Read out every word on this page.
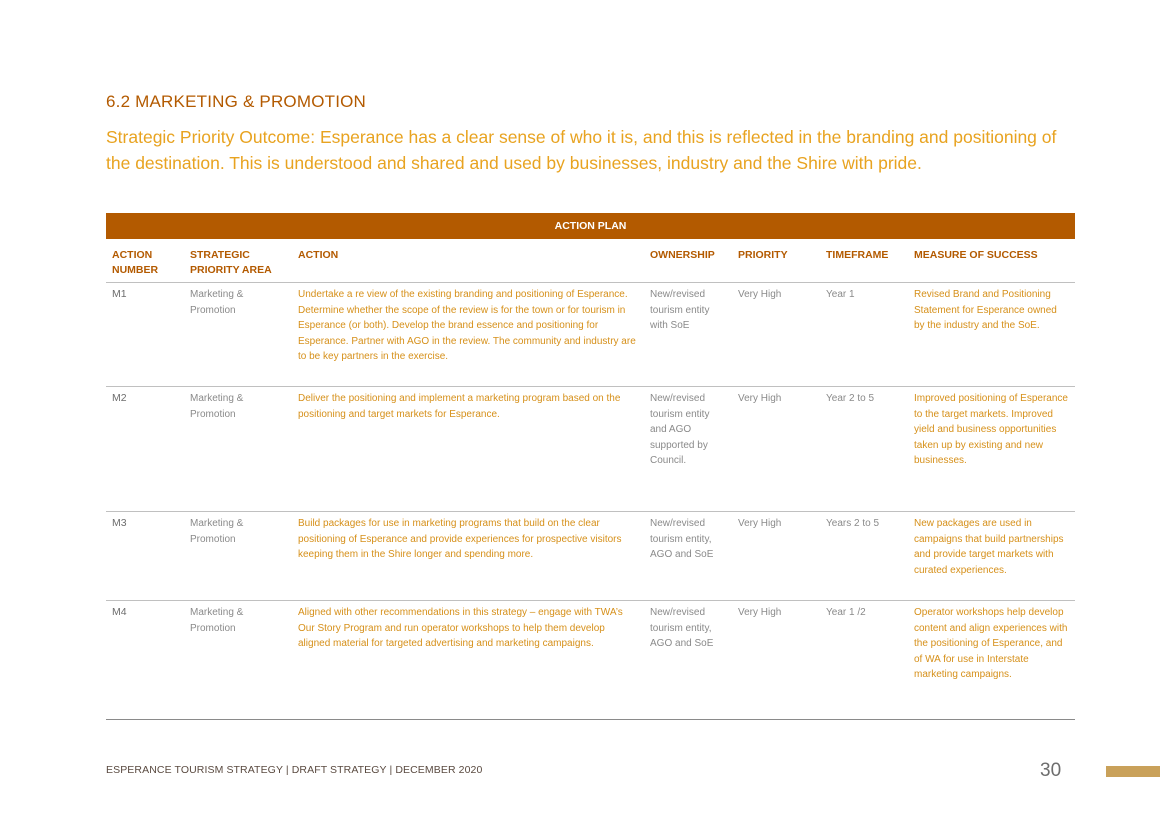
6.2 MARKETING & PROMOTION

Strategic Priority Outcome: Esperance has a clear sense of who it is, and this is reflected in the branding and positioning of the destination. This is understood and shared and used by businesses, industry and the Shire with pride.

ACTION PLAN						
ACTION NUMBER	STRATEGIC PRIORITY AREA	ACTION	OWNERSHIP	PRIORITY	TIMEFRAME	MEASURE OF SUCCESS
M1	Marketing & Promotion	Undertake a re view of the existing branding and positioning of Esperance. Determine whether the scope of the review is for the town or for tourism in Esperance (or both). Develop the brand essence and positioning for Esperance. Partner with AGO in the review. The community and industry are to be key partners in the exercise.	New/revised tourism entity with SoE	Very High	Year 1	Revised Brand and Positioning Statement for Esperance owned by the industry and the SoE.
M2	Marketing & Promotion	Deliver the positioning and implement a marketing program based on the positioning and target markets for Esperance.	New/revised tourism entity and AGO supported by Council.	Very High	Year 2 to 5	Improved positioning of Esperance to the target markets. Improved yield and business opportunities taken up by existing and new businesses.
M3	Marketing & Promotion	Build packages for use in marketing programs that build on the clear positioning of Esperance and provide experiences for prospective visitors keeping them in the Shire longer and spending more.	New/revised tourism entity, AGO and SoE	Very High	Years 2 to 5	New packages are used in campaigns that build partnerships and provide target markets with curated experiences.
M4	Marketing & Promotion	Aligned with other recommendations in this strategy – engage with TWA’s Our Story Program and run operator workshops to help them develop aligned material for targeted advertising and marketing campaigns.	New/revised tourism entity, AGO and SoE	Very High	Year 1 /2	Operator workshops help develop content and align experiences with the positioning of Esperance, and of WA for use in Interstate marketing campaigns.
ESPERANCE TOURISM STRATEGY | DRAFT STRATEGY | DECEMBER 2020	30
